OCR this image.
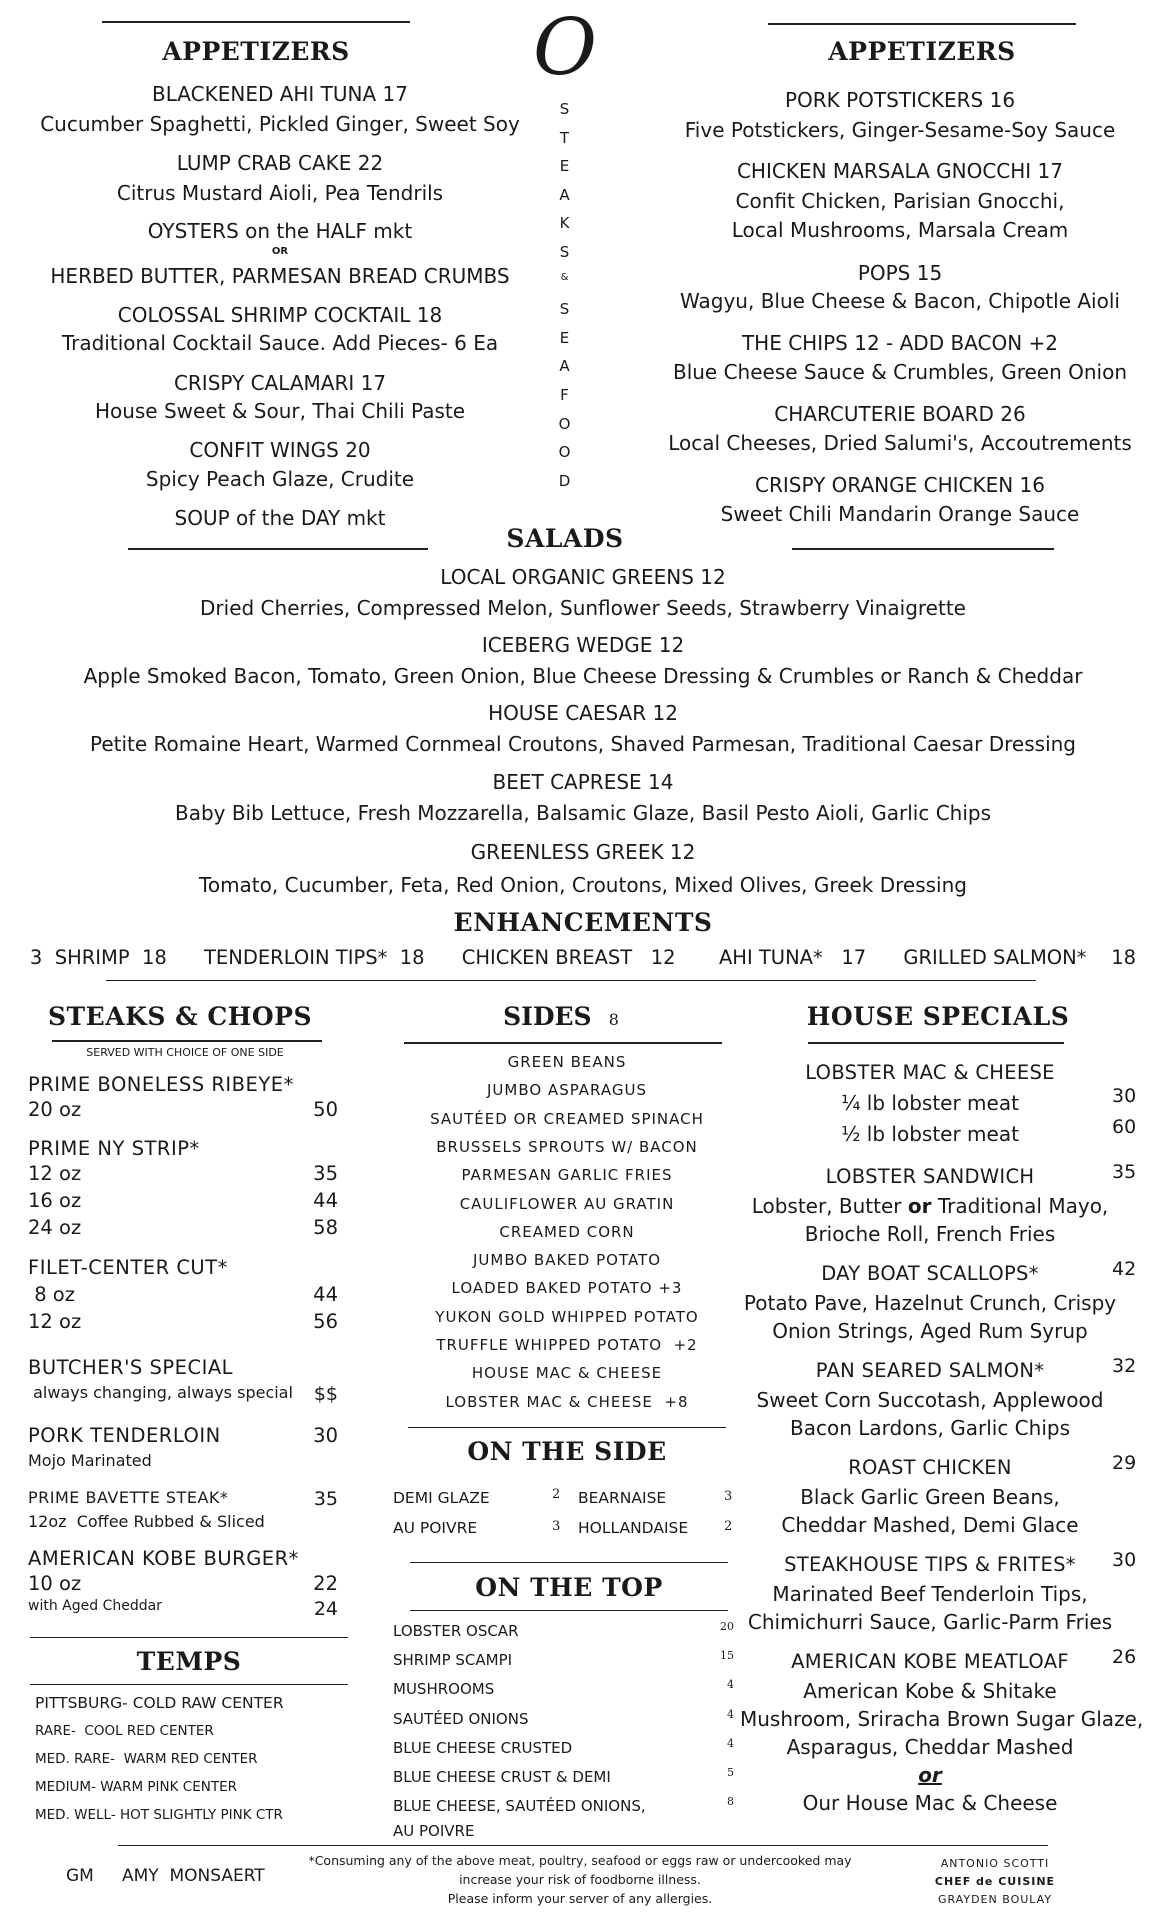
APPETIZERS
BLACKENED AHI TUNA 17
Cucumber Spaghetti, Pickled Ginger, Sweet Soy
LUMP CRAB CAKE 22
Citrus Mustard Aioli, Pea Tendrils
OYSTERS on the HALF mkt
OR
HERBED BUTTER, PARMESAN BREAD CRUMBS
COLOSSAL SHRIMP COCKTAIL 18
Traditional Cocktail Sauce. Add Pieces- 6 Ea
CRISPY CALAMARI 17
House Sweet & Sour, Thai Chili Paste
CONFIT WINGS 20
Spicy Peach Glaze, Crudite
SOUP of the DAY mkt
O
S
T
E
A
K
S
&
S
E
A
F
O
O
D
APPETIZERS
PORK POTSTICKERS 16
Five Potstickers, Ginger-Sesame-Soy Sauce
CHICKEN MARSALA GNOCCHI 17
Confit Chicken, Parisian Gnocchi,
Local Mushrooms, Marsala Cream
POPS 15
Wagyu, Blue Cheese & Bacon, Chipotle Aioli
THE CHIPS 12 - ADD BACON +2
Blue Cheese Sauce & Crumbles, Green Onion
CHARCUTERIE BOARD 26
Local Cheeses, Dried Salumi's, Accoutrements
CRISPY ORANGE CHICKEN 16
Sweet Chili Mandarin Orange Sauce
SALADS
LOCAL ORGANIC GREENS 12
Dried Cherries, Compressed Melon, Sunflower Seeds, Strawberry Vinaigrette
ICEBERG WEDGE 12
Apple Smoked Bacon, Tomato, Green Onion, Blue Cheese Dressing & Crumbles or Ranch & Cheddar
HOUSE CAESAR 12
Petite Romaine Heart, Warmed Cornmeal Croutons, Shaved Parmesan, Traditional Caesar Dressing
BEET CAPRESE 14
Baby Bib Lettuce, Fresh Mozzarella, Balsamic Glaze, Basil Pesto Aioli, Garlic Chips
GREENLESS GREEK 12
Tomato, Cucumber, Feta, Red Onion, Croutons, Mixed Olives, Greek Dressing
ENHANCEMENTS
3  SHRIMP  18      TENDERLOIN TIPS*  18      CHICKEN BREAST   12       AHI TUNA*   17      GRILLED SALMON*    18
STEAKS & CHOPS
SERVED WITH CHOICE OF ONE SIDE
PRIME BONELESS RIBEYE*
20 oz	50
PRIME NY STRIP*
12 oz	35
16 oz	44
24 oz	58
FILET-CENTER CUT*
8 oz	44
12 oz	56
BUTCHER'S SPECIAL
always changing, always special $$
PORK TENDERLOIN	30
Mojo Marinated
PRIME BAVETTE STEAK*	35
12oz  Coffee Rubbed & Sliced
AMERICAN KOBE BURGER*
10 oz	22
with Aged Cheddar	24
TEMPS
PITTSBURG- COLD RAW CENTER
RARE-  COOL RED CENTER
MED. RARE-  WARM RED CENTER
MEDIUM- WARM PINK CENTER
MED. WELL- HOT SLIGHTLY PINK CTR
SIDES 8
GREEN BEANS
JUMBO ASPARAGUS
SAUTÉED OR CREAMED SPINACH
BRUSSELS SPROUTS W/ BACON
PARMESAN GARLIC FRIES
CAULIFLOWER AU GRATIN
CREAMED CORN
JUMBO BAKED POTATO
LOADED BAKED POTATO +3
YUKON GOLD WHIPPED POTATO
TRUFFLE WHIPPED POTATO  +2
HOUSE MAC & CHEESE
LOBSTER MAC & CHEESE  +8
ON THE SIDE
DEMI GLAZE	2 BEARNAISE	3
AU POIVRE	3 HOLLANDAISE	2
ON THE TOP
LOBSTER OSCAR	20
SHRIMP SCAMPI	15
MUSHROOMS	4
SAUTÉED ONIONS	4
BLUE CHEESE CRUSTED	4
BLUE CHEESE CRUST & DEMI	5
BLUE CHEESE, SAUTÉED ONIONS,	8
AU POIVRE
HOUSE SPECIALS
LOBSTER MAC & CHEESE
¼ lb lobster meat	30
½ lb lobster meat	60
LOBSTER SANDWICH	35
Lobster, Butter or Traditional Mayo,
Brioche Roll, French Fries
DAY BOAT SCALLOPS*	42
Potato Pave, Hazelnut Crunch, Crispy
Onion Strings, Aged Rum Syrup
PAN SEARED SALMON*	32
Sweet Corn Succotash, Applewood
Bacon Lardons, Garlic Chips
ROAST CHICKEN	29
Black Garlic Green Beans,
Cheddar Mashed, Demi Glace
STEAKHOUSE TIPS & FRITES*	30
Marinated Beef Tenderloin Tips,
Chimichurri Sauce, Garlic-Parm Fries
AMERICAN KOBE MEATLOAF	26
American Kobe & Shitake
Mushroom, Sriracha Brown Sugar Glaze,
Asparagus, Cheddar Mashed
or
Our House Mac & Cheese
GM AMY  MONSAERT
*Consuming any of the above meat, poultry, seafood or eggs raw or undercooked may
increase your risk of foodborne illness.
Please inform your server of any allergies.
ANTONIO SCOTTI
CHEF de CUISINE
GRAYDEN BOULAY
